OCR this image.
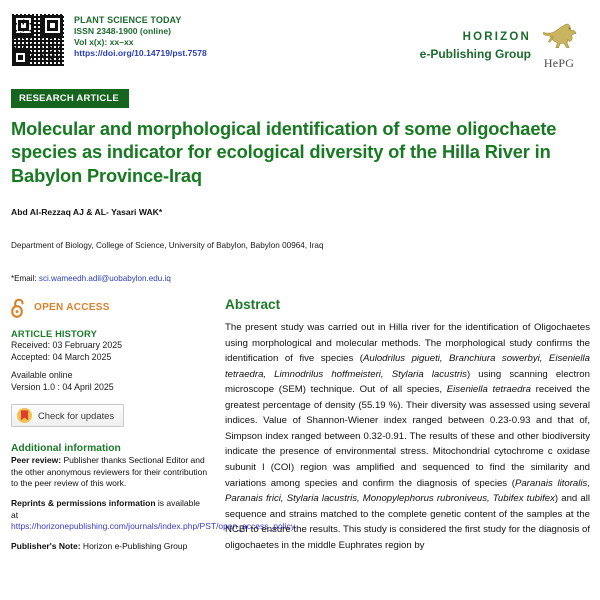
PLANT SCIENCE TODAY
ISSN 2348-1900 (online)
Vol x(x): xx–xx
https://doi.org/10.14719/pst.7578
HORIZON
e-Publishing Group
HePG
RESEARCH ARTICLE
Molecular and morphological identification of some oligochaete species as indicator for ecological diversity of the Hilla River in Babylon Province-Iraq
Abd Al-Rezzaq AJ & AL- Yasari WAK*
Department of Biology, College of Science, University of Babylon, Babylon 00964, Iraq
*Email: sci.wameedh.adil@uobabylon.edu.iq
OPEN ACCESS
ARTICLE HISTORY
Received: 03 February 2025
Accepted: 04 March 2025
Available online
Version 1.0 : 04 April 2025
Check for updates
Additional information

Peer review: Publisher thanks Sectional Editor and the other anonymous reviewers for their contribution to the peer review of this work.

Reprints & permissions information is available at https://horizonepublishing.com/journals/index.php/PST/open_access_policy

Publisher's Note: Horizon e-Publishing Group

Abstract

The present study was carried out in Hilla river for the identification of Oligochaetes using morphological and molecular methods. The morphological study confirms the identification of five species (Aulodrilus pigueti, Branchiura sowerbyi, Eiseniella tetraedra, Limnodrilus hoffmeisteri, Stylaria lacustris) using scanning electron microscope (SEM) technique. Out of all species, Eiseniella tetraedra received the greatest percentage of density (55.19 %). Their diversity was assessed using several indices. Value of Shannon-Wiener index ranged between 0.23-0.93 and that of, Simpson index ranged between 0.32-0.91. The results of these and other biodiversity indicate the presence of environmental stress. Mitochondrial cytochrome c oxidase subunit I (COI) region was amplified and sequenced to find the similarity and variations among species and confirm the diagnosis of species (Paranais litoralis, Paranais frici, Stylaria lacustris, Monopylephorus rubroniveus, Tubifex tubifex) and all sequence and strains matched to the complete genetic content of the samples at the NCBI to ensure the results. This study is considered the first study for the diagnosis of oligochaetes in the middle Euphrates region by
